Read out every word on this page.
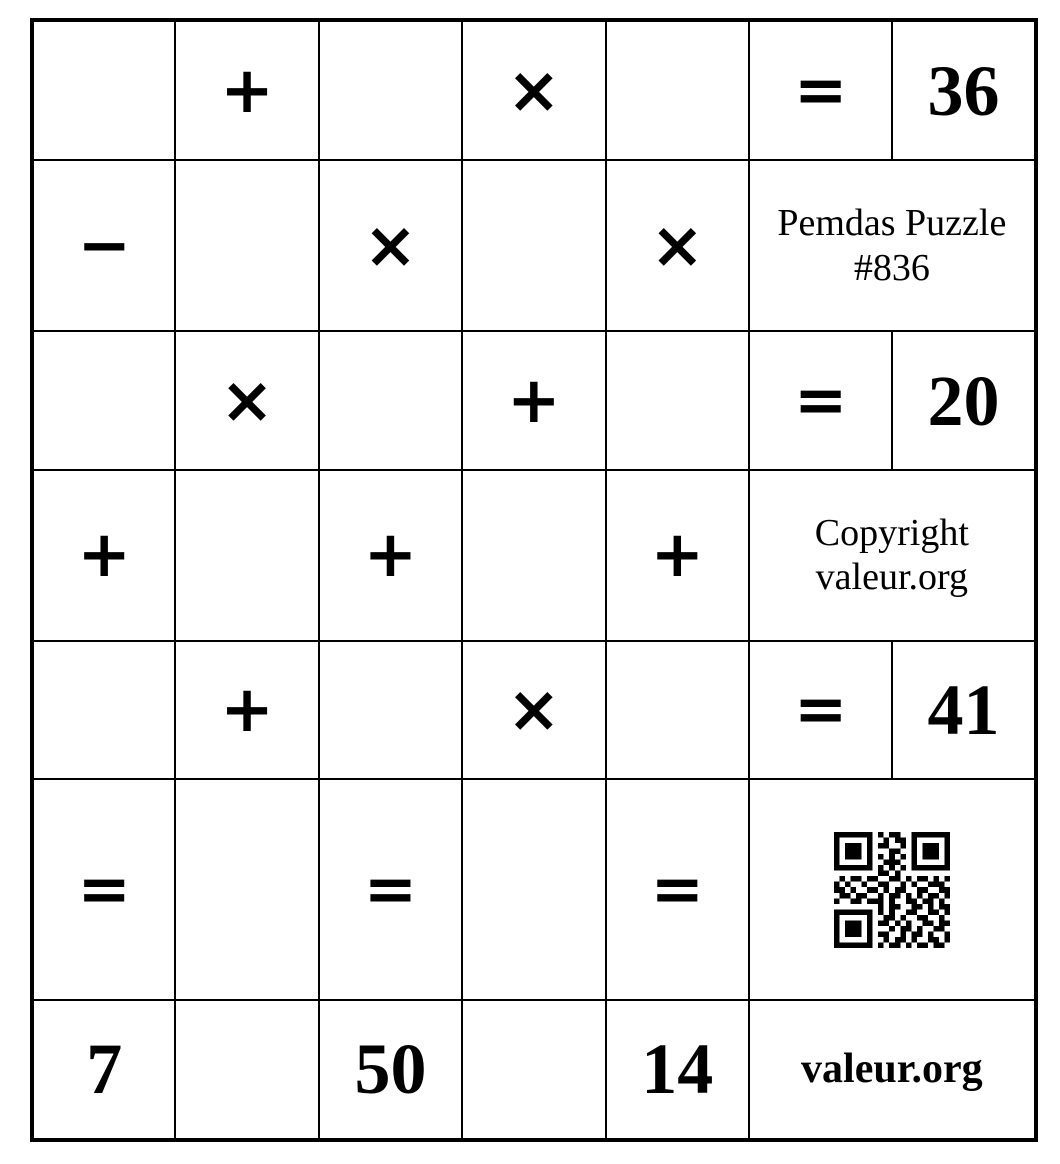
	+		×		=	36
−		×		×	Pemdas Puzzle
#836	

	×		+		=	20
+		+		+	Copyright
valeur.org	

	+		×		=	41
=		=		=	

7		50		14	valeur.org	
